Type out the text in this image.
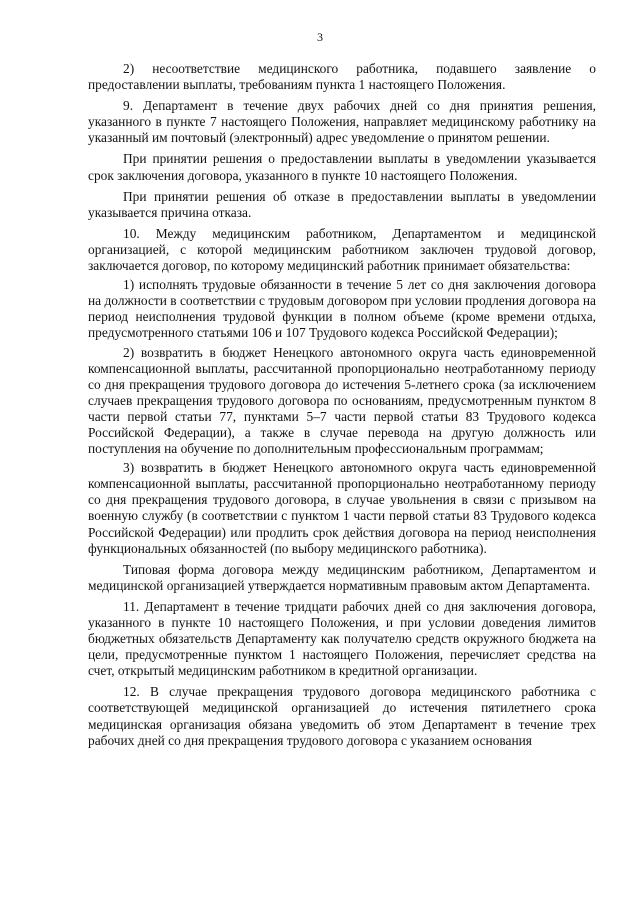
3

2) несоответствие медицинского работника, подавшего заявление о предоставлении выплаты, требованиям пункта 1 настоящего Положения.

9. Департамент в течение двух рабочих дней со дня принятия решения, указанного в пункте 7 настоящего Положения, направляет медицинскому работнику на указанный им почтовый (электронный) адрес уведомление о принятом решении.

При принятии решения о предоставлении выплаты в уведомлении указывается срок заключения договора, указанного в пункте 10 настоящего Положения.

При принятии решения об отказе в предоставлении выплаты в уведомлении указывается причина отказа.

10. Между медицинским работником, Департаментом и медицинской организацией, с которой медицинским работником заключен трудовой договор, заключается договор, по которому медицинский работник принимает обязательства:

1) исполнять трудовые обязанности в течение 5 лет со дня заключения договора на должности в соответствии с трудовым договором при условии продления договора на период неисполнения трудовой функции в полном объеме (кроме времени отдыха, предусмотренного статьями 106 и 107 Трудового кодекса Российской Федерации);

2) возвратить в бюджет Ненецкого автономного округа часть единовременной компенсационной выплаты, рассчитанной пропорционально неотработанному периоду со дня прекращения трудового договора до истечения 5-летнего срока (за исключением случаев прекращения трудового договора по основаниям, предусмотренным пунктом 8 части первой статьи 77, пунктами 5–7 части первой статьи 83 Трудового кодекса Российской Федерации), а также в случае перевода на другую должность или поступления на обучение по дополнительным профессиональным программам;

3) возвратить в бюджет Ненецкого автономного округа часть единовременной компенсационной выплаты, рассчитанной пропорционально неотработанному периоду со дня прекращения трудового договора, в случае увольнения в связи с призывом на военную службу (в соответствии с пунктом 1 части первой статьи 83 Трудового кодекса Российской Федерации) или продлить срок действия договора на период неисполнения функциональных обязанностей (по выбору медицинского работника).

Типовая форма договора между медицинским работником, Департаментом и медицинской организацией утверждается нормативным правовым актом Департамента.

11. Департамент в течение тридцати рабочих дней со дня заключения договора, указанного в пункте 10 настоящего Положения, и при условии доведения лимитов бюджетных обязательств Департаменту как получателю средств окружного бюджета на цели, предусмотренные пунктом 1 настоящего Положения, перечисляет средства на счет, открытый медицинским работником в кредитной организации.

12. В случае прекращения трудового договора медицинского работника с соответствующей медицинской организацией до истечения пятилетнего срока медицинская организация обязана уведомить об этом Департамент в течение трех рабочих дней со дня прекращения трудового договора с указанием основания
